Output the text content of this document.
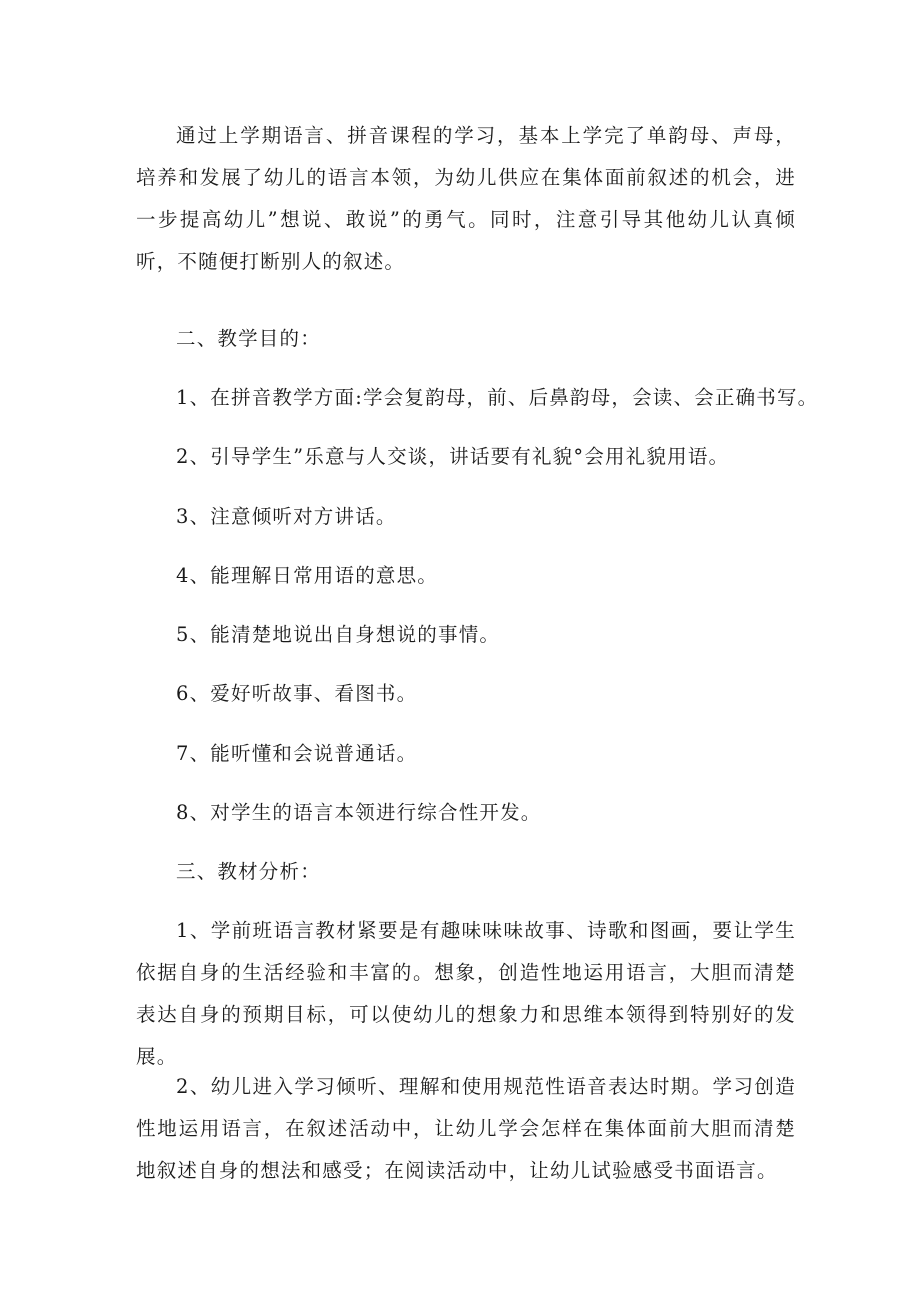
通过上学期语言、拼音课程的学习，基本上学完了单韵母、声母，培养和发展了幼儿的语言本领，为幼儿供应在集体面前叙述的机会，进一步提高幼儿”想说、敢说”的勇气。同时，注意引导其他幼儿认真倾听，不随便打断别人的叙述。

二、教学目的：

1、在拼音教学方面:学会复韵母，前、后鼻韵母，会读、会正确书写。

2、引导学生”乐意与人交谈，讲话要有礼貌°会用礼貌用语。

3、注意倾听对方讲话。

4、能理解日常用语的意思。

5、能清楚地说出自身想说的事情。

6、爱好听故事、看图书。

7、能听懂和会说普通话。

8、对学生的语言本领进行综合性开发。

三、教材分析：

1、学前班语言教材紧要是有趣味味味故事、诗歌和图画，要让学生依据自身的生活经验和丰富的。想象，创造性地运用语言，大胆而清楚表达自身的预期目标，可以使幼儿的想象力和思维本领得到特别好的发展。

2、幼儿进入学习倾听、理解和使用规范性语音表达时期。学习创造性地运用语言，在叙述活动中，让幼儿学会怎样在集体面前大胆而清楚地叙述自身的想法和感受；在阅读活动中，让幼儿试验感受书面语言。
